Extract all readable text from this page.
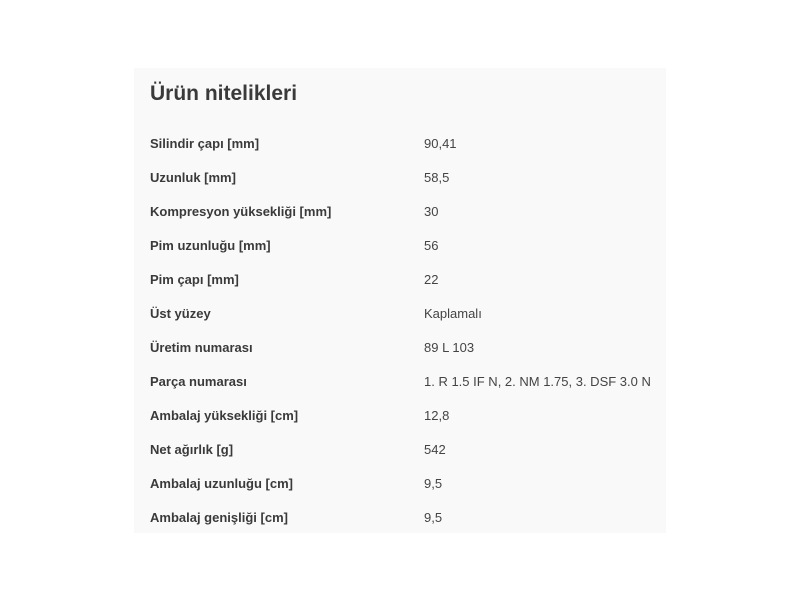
Ürün nitelikleri
Silindir çapı [mm]	90,41
Uzunluk [mm]	58,5
Kompresyon yüksekliği [mm]	30
Pim uzunluğu [mm]	56
Pim çapı [mm]	22
Üst yüzey	Kaplamalı
Üretim numarası	89 L 103
Parça numarası	1. R 1.5 IF N, 2. NM 1.75, 3. DSF 3.0 N
Ambalaj yüksekliği [cm]	12,8
Net ağırlık [g]	542
Ambalaj uzunluğu [cm]	9,5
Ambalaj genişliği [cm]	9,5
